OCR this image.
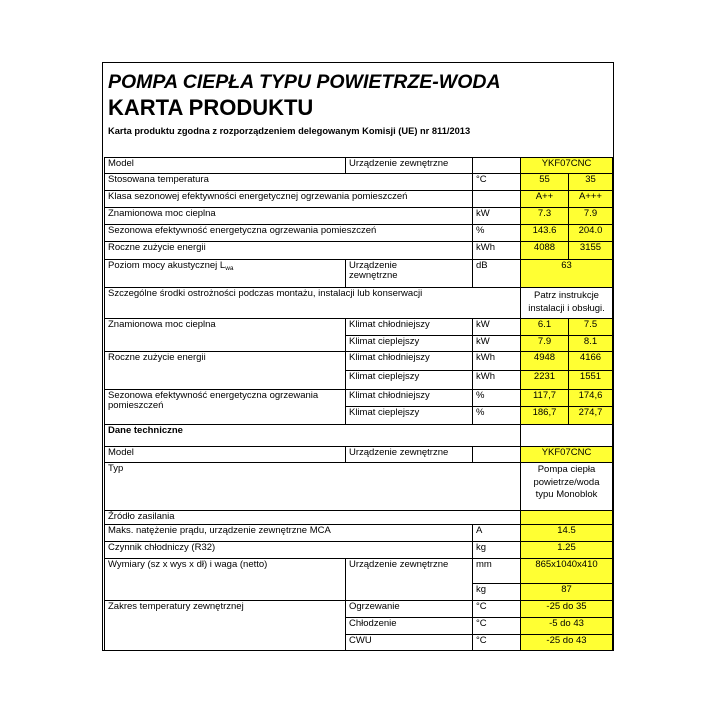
POMPA CIEPŁA TYPU POWIETRZE-WODA
KARTA PRODUKTU
Karta produktu zgodna z rozporządzeniem delegowanym Komisji (UE) nr 811/2013
Model	Urządzenie zewnętrzne		YKF07CNC	
Stosowana temperatura		°C	55	35
Klasa sezonowej efektywności energetycznej ogrzewania pomieszczeń			A++	A+++
Znamionowa moc cieplna		kW	7.3	7.9
Sezonowa efektywność energetyczna ogrzewania pomieszczeń		%	143.6	204.0
Roczne zużycie energii		kWh	4088	3155
Poziom mocy akustycznej $L_{wa}$	Urządzenie zewnętrzne	dB	63	
Szczególne środki ostrożności podczas montażu, instalacji lub konserwacji			Patrz instrukcje
instalacji i obsługi.	

Znamionowa moc cieplna	Klimat chłodniejszy	kW	6.1	7.5
	Klimat cieplejszy	kW	7.9	8.1
Roczne zużycie energii	Klimat chłodniejszy	kWh	4948	4166
	Klimat cieplejszy	kWh	2231	1551
Sezonowa efektywność energetyczna ogrzewania pomieszczeń	Klimat chłodniejszy	%	117,7	174,6
	Klimat cieplejszy	%	186,7	274,7
Dane techniczne				
Model	Urządzenie zewnętrzne		YKF07CNC	
Typ			Pompa ciepła
powietrze/woda
typu Monoblok	

Źródło zasilania				
Maks. natężenie prądu, urządzenie zewnętrzne MCA		A	14.5	
Czynnik chłodniczy (R32)		kg	1.25	
Wymiary (sz x wys x dł) i waga (netto)	Urządzenie zewnętrzne	mm	865x1040x410	
		kg	87	
Zakres temperatury zewnętrznej	Ogrzewanie	°C	-25 do 35	
	Chłodzenie	°C	-5 do 43	
	CWU	°C	-25 do 43	
